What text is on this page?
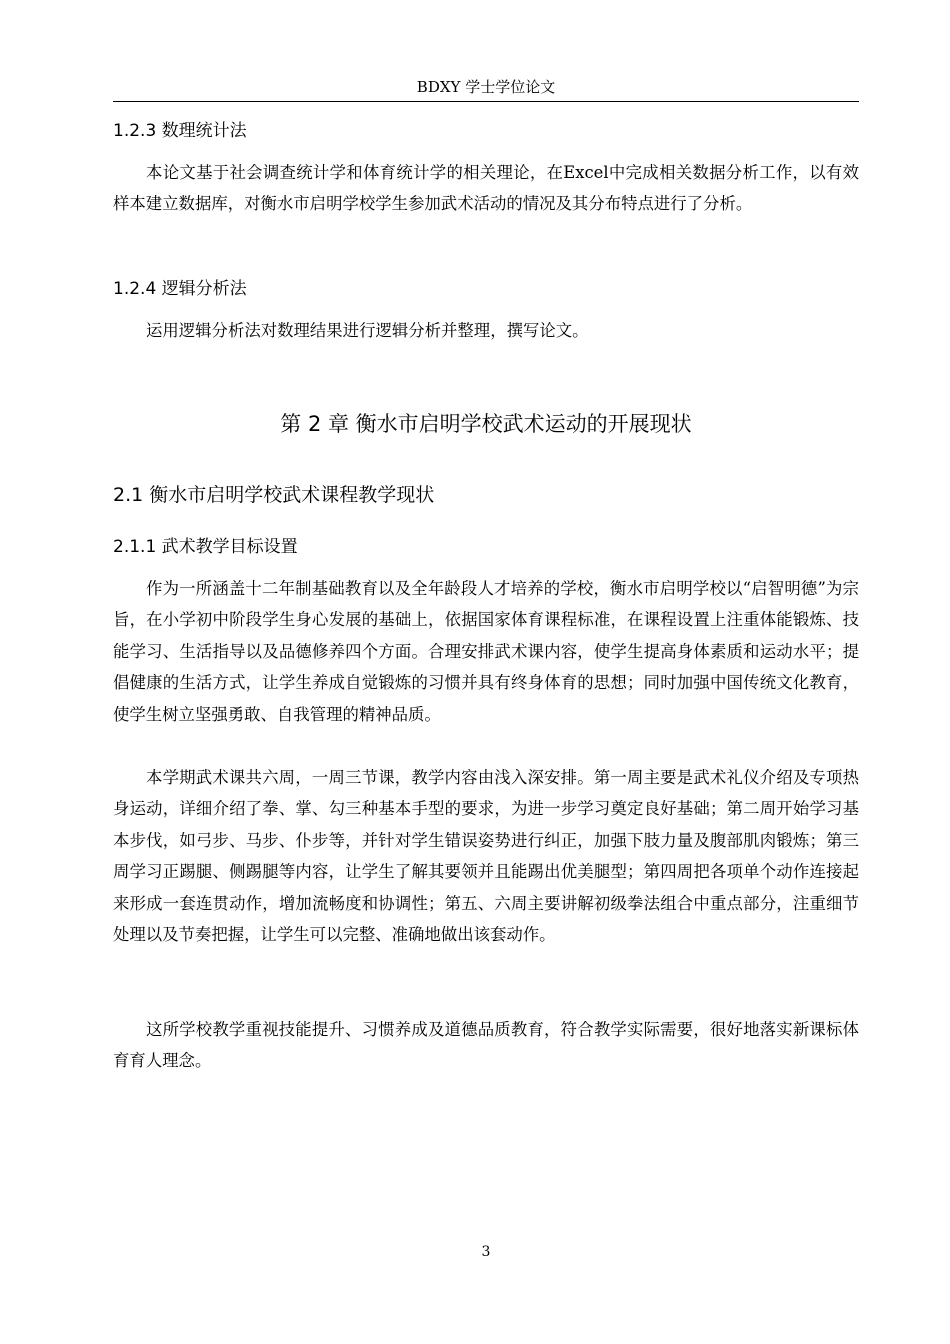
BDXY 学士学位论文
1.2.3 数理统计法

本论文基于社会调查统计学和体育统计学的相关理论，在Excel中完成相关数据分析工作，以有效样本建立数据库，对衡水市启明学校学生参加武术活动的情况及其分布特点进行了分析。

1.2.4 逻辑分析法

运用逻辑分析法对数理结果进行逻辑分析并整理，撰写论文。

第 2 章 衡水市启明学校武术运动的开展现状
2.1 衡水市启明学校武术课程教学现状
2.1.1 武术教学目标设置

作为一所涵盖十二年制基础教育以及全年龄段人才培养的学校，衡水市启明学校以“启智明德”为宗旨，在小学初中阶段学生身心发展的基础上，依据国家体育课程标准，在课程设置上注重体能锻炼、技能学习、生活指导以及品德修养四个方面。合理安排武术课内容，使学生提高身体素质和运动水平；提倡健康的生活方式，让学生养成自觉锻炼的习惯并具有终身体育的思想；同时加强中国传统文化教育，使学生树立坚强勇敢、自我管理的精神品质。

本学期武术课共六周，一周三节课，教学内容由浅入深安排。第一周主要是武术礼仪介绍及专项热身运动，详细介绍了拳、掌、勾三种基本手型的要求，为进一步学习奠定良好基础；第二周开始学习基本步伐，如弓步、马步、仆步等，并针对学生错误姿势进行纠正，加强下肢力量及腹部肌肉锻炼；第三周学习正踢腿、侧踢腿等内容，让学生了解其要领并且能踢出优美腿型；第四周把各项单个动作连接起来形成一套连贯动作，增加流畅度和协调性；第五、六周主要讲解初级拳法组合中重点部分，注重细节处理以及节奏把握，让学生可以完整、准确地做出该套动作。

这所学校教学重视技能提升、习惯养成及道德品质教育，符合教学实际需要，很好地落实新课标体育育人理念。

3
